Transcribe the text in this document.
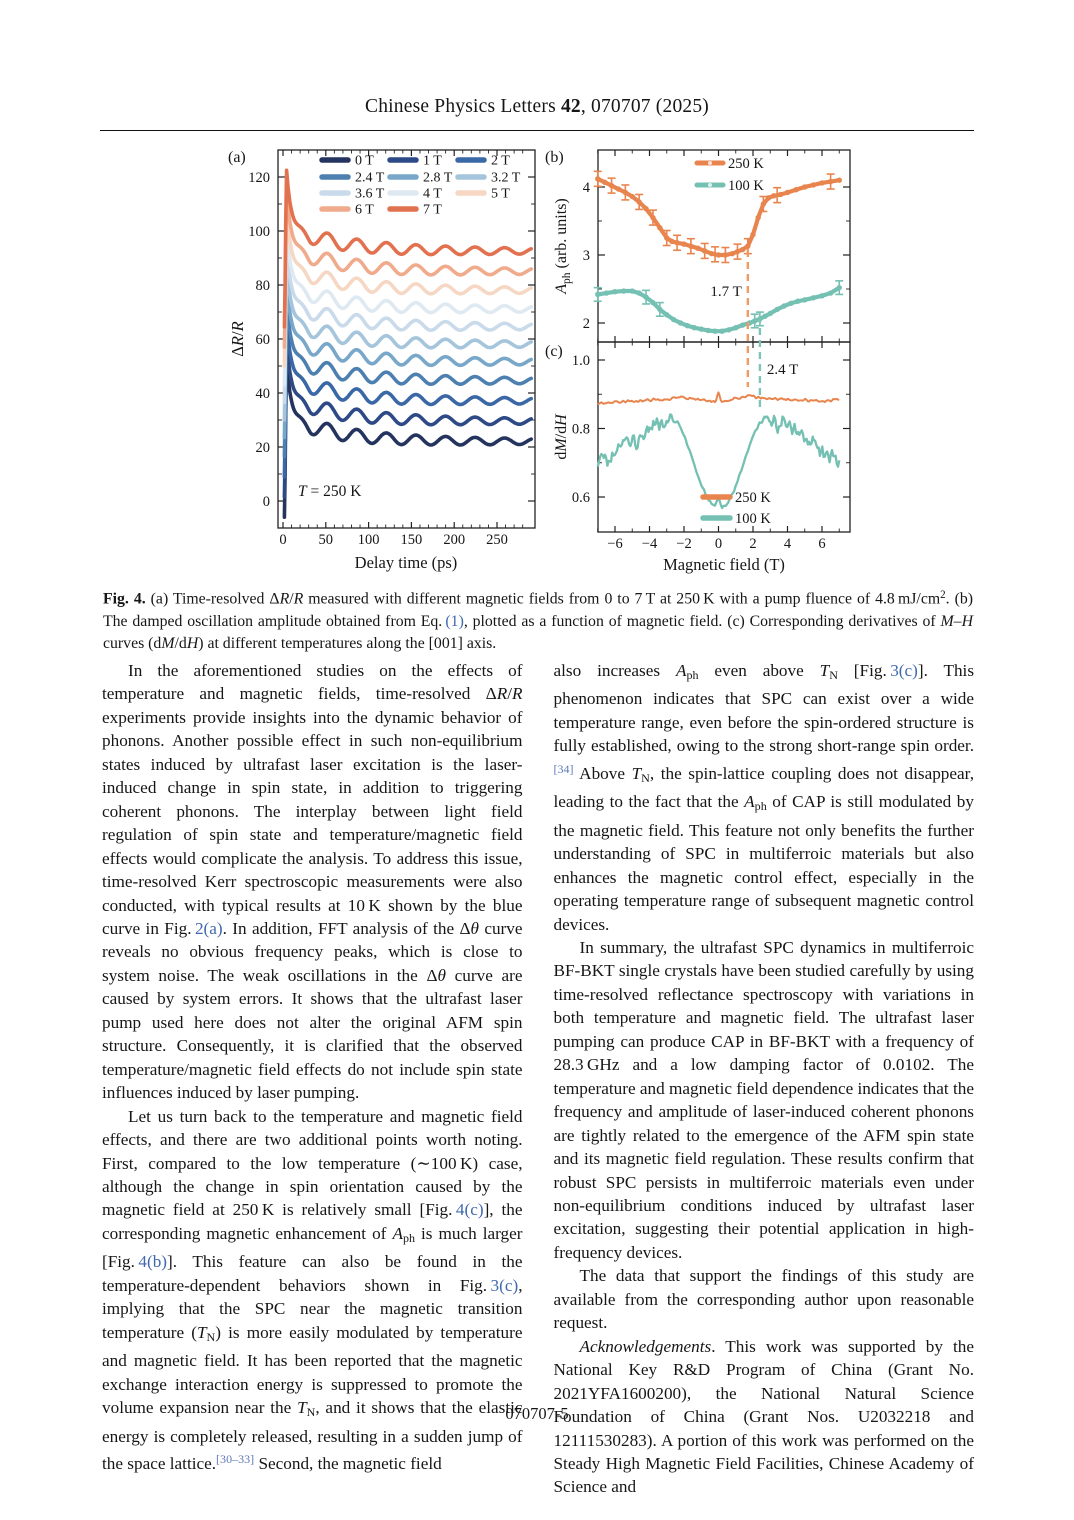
Chinese Physics Letters 42, 070707 (2025)
0 50 100 150 200 250
0
20
40
60
80
100
120
Delay time (ps)
ΔR/R
(a)
T = 250 K
0 T	1 T	2 T
2.4 T	2.8 T	3.2 T
3.6 T	4 T	5 T
6 T	7 T
2
3
4
$A_{ph}$ (arb. units)
(b)	250 K
100 K
0.6
0.8
1.0
−6 −4 −2 0 2 4 6
Magnetic field (T)
dM/dH
(c)
250 K
100 K
1.7 T
2.4 T
Fig. 4. (a) Time-resolved ΔR/R measured with different magnetic fields from 0 to 7 T at 250 K with a pump fluence of 4.8 $mJ/cm^2$. (b) The damped oscillation amplitude obtained from Eq. (1), plotted as a function of magnetic field. (c) Corresponding derivatives of M–H curves (dM/dH) at different temperatures along the [001] axis.

In the aforementioned studies on the effects of temperature and magnetic fields, time-resolved ΔR/R experiments provide insights into the dynamic behavior of phonons. Another possible effect in such non-equilibrium states induced by ultrafast laser excitation is the laser-induced change in spin state, in addition to triggering coherent phonons. The interplay between light field regulation of spin state and temperature/magnetic field effects would complicate the analysis. To address this issue, time-resolved Kerr spectroscopic measurements were also conducted, with typical results at 10 K shown by the blue curve in Fig. 2(a). In addition, FFT analysis of the Δθ curve reveals no obvious frequency peaks, which is close to system noise. The weak oscillations in the Δθ curve are caused by system errors. It shows that the ultrafast laser pump used here does not alter the original AFM spin structure. Consequently, it is clarified that the observed temperature/magnetic field effects do not include spin state influences induced by laser pumping.

Let us turn back to the temperature and magnetic field effects, and there are two additional points worth noting. First, compared to the low temperature (∼100 K) case, although the change in spin orientation caused by the magnetic field at 250 K is relatively small [Fig. 4(c)], the corresponding magnetic enhancement of Aph is much larger [Fig. 4(b)]. This feature can also be found in the temperature-dependent behaviors shown in Fig. 3(c), implying that the SPC near the magnetic transition temperature (TN) is more easily modulated by temperature and magnetic field. It has been reported that the magnetic exchange interaction energy is suppressed to promote the volume expansion near the TN, and it shows that the elastic energy is completely released, resulting in a sudden jump of the space lattice.[30–33] Second, the magnetic field

also increases Aph even above TN [Fig. 3(c)]. This phenomenon indicates that SPC can exist over a wide temperature range, even before the spin-ordered structure is fully established, owing to the strong short-range spin order.[34] Above TN, the spin-lattice coupling does not disappear, leading to the fact that the Aph of CAP is still modulated by the magnetic field. This feature not only benefits the further understanding of SPC in multiferroic materials but also enhances the magnetic control effect, especially in the operating temperature range of subsequent magnetic control devices.

In summary, the ultrafast SPC dynamics in multiferroic BF-BKT single crystals have been studied carefully by using time-resolved reflectance spectroscopy with variations in both temperature and magnetic field. The ultrafast laser pumping can produce CAP in BF-BKT with a frequency of 28.3 GHz and a low damping factor of 0.0102. The temperature and magnetic field dependence indicates that the frequency and amplitude of laser-induced coherent phonons are tightly related to the emergence of the AFM spin state and its magnetic field regulation. These results confirm that robust SPC persists in multiferroic materials even under non-equilibrium conditions induced by ultrafast laser excitation, suggesting their potential application in high-frequency devices.

The data that support the findings of this study are available from the corresponding author upon reasonable request.

Acknowledgements. This work was supported by the National Key R&D Program of China (Grant No. 2021YFA1600200), the National Natural Science Foundation of China (Grant Nos. U2032218 and 12111530283). A portion of this work was performed on the Steady High Magnetic Field Facilities, Chinese Academy of Science and

070707-5
